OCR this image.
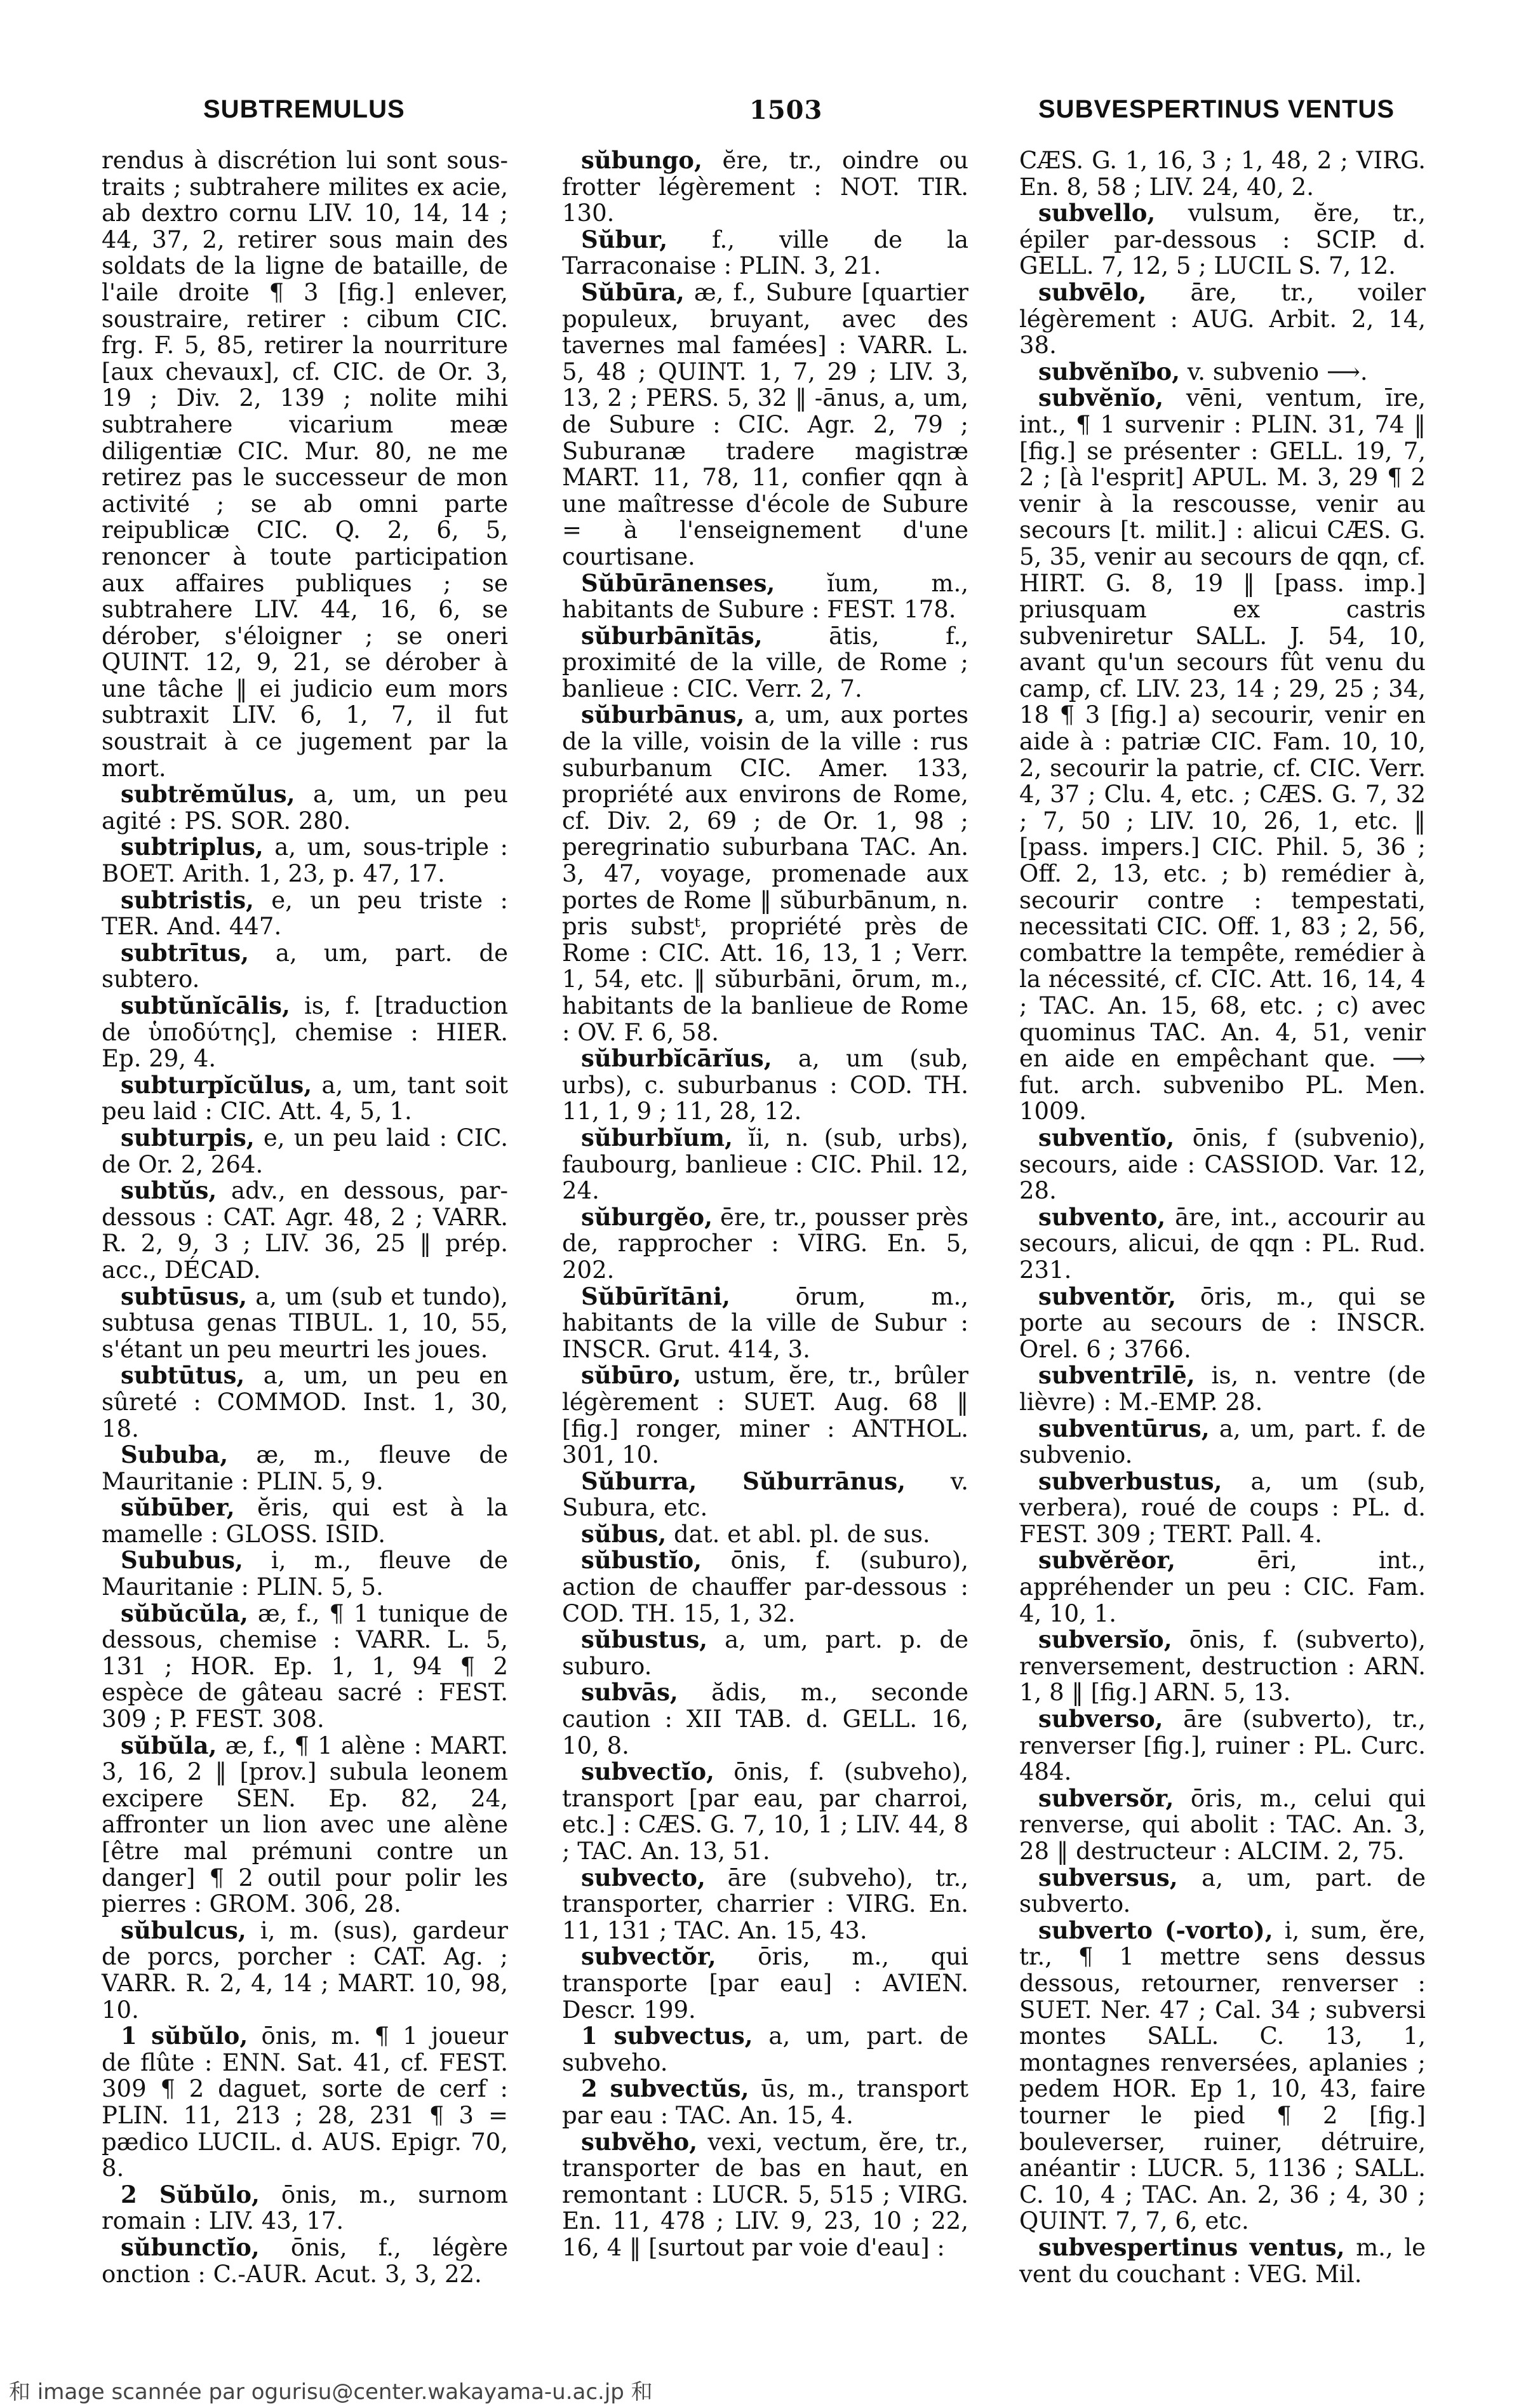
SUBTREMULUS	1503	SUBVESPERTINUS VENTUS

rendus à discrétion lui sont sous-traits ; subtrahere milites ex acie, ab dextro cornu LIV. 10, 14, 14 ; 44, 37, 2, retirer sous main des soldats de la ligne de bataille, de l'aile droite ¶ 3 [fig.] enlever, soustraire, retirer : cibum CIC. frg. F. 5, 85, retirer la nourriture [aux chevaux], cf. CIC. de Or. 3, 19 ; Div. 2, 139 ; nolite mihi subtrahere vicarium meæ diligentiæ CIC. Mur. 80, ne me retirez pas le successeur de mon activité ; se ab omni parte reipublicæ CIC. Q. 2, 6, 5, renoncer à toute participation aux affaires publiques ; se subtrahere LIV. 44, 16, 6, se dérober, s'éloigner ; se oneri QUINT. 12, 9, 21, se dérober à une tâche ‖ ei judicio eum mors subtraxit LIV. 6, 1, 7, il fut soustrait à ce jugement par la mort.

subtrĕmŭlus, a, um, un peu agité : PS. SOR. 280.

subtriplus, a, um, sous-triple : BOET. Arith. 1, 23, p. 47, 17.

subtristis, e, un peu triste : TER. And. 447.

subtrītus, a, um, part. de subtero.

subtŭnĭcālis, is, f. [traduction de ὑποδύτης], chemise : HIER. Ep. 29, 4.

subturpĭcŭlus, a, um, tant soit peu laid : CIC. Att. 4, 5, 1.

subturpis, e, un peu laid : CIC. de Or. 2, 264.

subtŭs, adv., en dessous, par-dessous : CAT. Agr. 48, 2 ; VARR. R. 2, 9, 3 ; LIV. 36, 25 ‖ prép. acc., DÉCAD.

subtūsus, a, um (sub et tundo), subtusa genas TIBUL. 1, 10, 55, s'étant un peu meurtri les joues.

subtūtus, a, um, un peu en sûreté : COMMOD. Inst. 1, 30, 18.

Sububa, æ, m., fleuve de Mauritanie : PLIN. 5, 9.

sŭbūber, ĕris, qui est à la mamelle : GLOSS. ISID.

Sububus, i, m., fleuve de Mauritanie : PLIN. 5, 5.

sŭbŭcŭla, æ, f., ¶ 1 tunique de dessous, chemise : VARR. L. 5, 131 ; HOR. Ep. 1, 1, 94 ¶ 2 espèce de gâteau sacré : FEST. 309 ; P. FEST. 308.

sŭbŭla, æ, f., ¶ 1 alène : MART. 3, 16, 2 ‖ [prov.] subula leonem excipere SEN. Ep. 82, 24, affronter un lion avec une alène [être mal prémuni contre un danger] ¶ 2 outil pour polir les pierres : GROM. 306, 28.

sŭbulcus, i, m. (sus), gardeur de porcs, porcher : CAT. Ag. ; VARR. R. 2, 4, 14 ; MART. 10, 98, 10.

1 sŭbŭlo, ōnis, m. ¶ 1 joueur de flûte : ENN. Sat. 41, cf. FEST. 309 ¶ 2 daguet, sorte de cerf : PLIN. 11, 213 ; 28, 231 ¶ 3 = pædico LUCIL. d. AUS. Epigr. 70, 8.

2 Sŭbŭlo, ōnis, m., surnom romain : LIV. 43, 17.

sŭbunctĭo, ōnis, f., légère onction : C.-AUR. Acut. 3, 3, 22.

sŭbungo, ĕre, tr., oindre ou frotter légèrement : NOT. TIR. 130.

Sŭbur, f., ville de la Tarraconaise : PLIN. 3, 21.

Sŭbūra, æ, f., Subure [quartier populeux, bruyant, avec des tavernes mal famées] : VARR. L. 5, 48 ; QUINT. 1, 7, 29 ; LIV. 3, 13, 2 ; PERS. 5, 32 ‖ -ānus, a, um, de Subure : CIC. Agr. 2, 79 ; Suburanæ tradere magistræ MART. 11, 78, 11, confier qqn à une maîtresse d'école de Subure = à l'enseignement d'une courtisane.

Sŭbūrānenses, ĭum, m., habitants de Subure : FEST. 178.

sŭburbānĭtās, ātis, f., proximité de la ville, de Rome ; banlieue : CIC. Verr. 2, 7.

sŭburbānus, a, um, aux portes de la ville, voisin de la ville : rus suburbanum CIC. Amer. 133, propriété aux environs de Rome, cf. Div. 2, 69 ; de Or. 1, 98 ; peregrinatio suburbana TAC. An. 3, 47, voyage, promenade aux portes de Rome ‖ sŭburbānum, n. pris substᵗ, propriété près de Rome : CIC. Att. 16, 13, 1 ; Verr. 1, 54, etc. ‖ sŭburbāni, ōrum, m., habitants de la banlieue de Rome : OV. F. 6, 58.

sŭburbĭcārĭus, a, um (sub, urbs), c. suburbanus : COD. TH. 11, 1, 9 ; 11, 28, 12.

sŭburbĭum, ĭi, n. (sub, urbs), faubourg, banlieue : CIC. Phil. 12, 24.

sŭburgĕo, ēre, tr., pousser près de, rapprocher : VIRG. En. 5, 202.

Sŭbūrĭtāni, ōrum, m., habitants de la ville de Subur : INSCR. Grut. 414, 3.

sŭbūro, ustum, ĕre, tr., brûler légèrement : SUET. Aug. 68 ‖ [fig.] ronger, miner : ANTHOL. 301, 10.

Sŭburra, Sŭburrānus, v. Subura, etc.

sŭbus, dat. et abl. pl. de sus.

sŭbustĭo, ōnis, f. (suburo), action de chauffer par-dessous : COD. TH. 15, 1, 32.

sŭbustus, a, um, part. p. de suburo.

subvās, ădis, m., seconde caution : XII TAB. d. GELL. 16, 10, 8.

subvectĭo, ōnis, f. (subveho), transport [par eau, par charroi, etc.] : CÆS. G. 7, 10, 1 ; LIV. 44, 8 ; TAC. An. 13, 51.

subvecto, āre (subveho), tr., transporter, charrier : VIRG. En. 11, 131 ; TAC. An. 15, 43.

subvectŏr, ōris, m., qui transporte [par eau] : AVIEN. Descr. 199.

1 subvectus, a, um, part. de subveho.

2 subvectŭs, ūs, m., transport par eau : TAC. An. 15, 4.

subvĕho, vexi, vectum, ĕre, tr., transporter de bas en haut, en remontant : LUCR. 5, 515 ; VIRG. En. 11, 478 ; LIV. 9, 23, 10 ; 22, 16, 4 ‖ [surtout par voie d'eau] :

CÆS. G. 1, 16, 3 ; 1, 48, 2 ; VIRG. En. 8, 58 ; LIV. 24, 40, 2.

subvello, vulsum, ĕre, tr., épiler par-dessous : SCIP. d. GELL. 7, 12, 5 ; LUCIL S. 7, 12.

subvēlo, āre, tr., voiler légèrement : AUG. Arbit. 2, 14, 38.

subvĕnĭbo, v. subvenio ⟶.

subvĕnĭo, vēni, ventum, īre, int., ¶ 1 survenir : PLIN. 31, 74 ‖ [fig.] se présenter : GELL. 19, 7, 2 ; [à l'esprit] APUL. M. 3, 29 ¶ 2 venir à la rescousse, venir au secours [t. milit.] : alicui CÆS. G. 5, 35, venir au secours de qqn, cf. HIRT. G. 8, 19 ‖ [pass. imp.] priusquam ex castris subveniretur SALL. J. 54, 10, avant qu'un secours fût venu du camp, cf. LIV. 23, 14 ; 29, 25 ; 34, 18 ¶ 3 [fig.] a) secourir, venir en aide à : patriæ CIC. Fam. 10, 10, 2, secourir la patrie, cf. CIC. Verr. 4, 37 ; Clu. 4, etc. ; CÆS. G. 7, 32 ; 7, 50 ; LIV. 10, 26, 1, etc. ‖ [pass. impers.] CIC. Phil. 5, 36 ; Off. 2, 13, etc. ; b) remédier à, secourir contre : tempestati, necessitati CIC. Off. 1, 83 ; 2, 56, combattre la tempête, remédier à la nécessité, cf. CIC. Att. 16, 14, 4 ; TAC. An. 15, 68, etc. ; c) avec quominus TAC. An. 4, 51, venir en aide en empêchant que. ⟶ fut. arch. subvenibo PL. Men. 1009.

subventĭo, ōnis, f (subvenio), secours, aide : CASSIOD. Var. 12, 28.

subvento, āre, int., accourir au secours, alicui, de qqn : PL. Rud. 231.

subventŏr, ōris, m., qui se porte au secours de : INSCR. Orel. 6 ; 3766.

subventrīlē, is, n. ventre (de lièvre) : M.-EMP. 28.

subventūrus, a, um, part. f. de subvenio.

subverbustus, a, um (sub, verbera), roué de coups : PL. d. FEST. 309 ; TERT. Pall. 4.

subvĕrĕor, ēri, int., appréhender un peu : CIC. Fam. 4, 10, 1.

subversĭo, ōnis, f. (subverto), renversement, destruction : ARN. 1, 8 ‖ [fig.] ARN. 5, 13.

subverso, āre (subverto), tr., renverser [fig.], ruiner : PL. Curc. 484.

subversŏr, ōris, m., celui qui renverse, qui abolit : TAC. An. 3, 28 ‖ destructeur : ALCIM. 2, 75.

subversus, a, um, part. de subverto.

subverto (-vorto), i, sum, ĕre, tr., ¶ 1 mettre sens dessus dessous, retourner, renverser : SUET. Ner. 47 ; Cal. 34 ; subversi montes SALL. C. 13, 1, montagnes renversées, aplanies ; pedem HOR. Ep 1, 10, 43, faire tourner le pied ¶ 2 [fig.] bouleverser, ruiner, détruire, anéantir : LUCR. 5, 1136 ; SALL. C. 10, 4 ; TAC. An. 2, 36 ; 4, 30 ; QUINT. 7, 7, 6, etc.

subvespertinus ventus, m., le vent du couchant : VEG. Mil.

和 image scannée par ogurisu@center.wakayama-u.ac.jp 和
